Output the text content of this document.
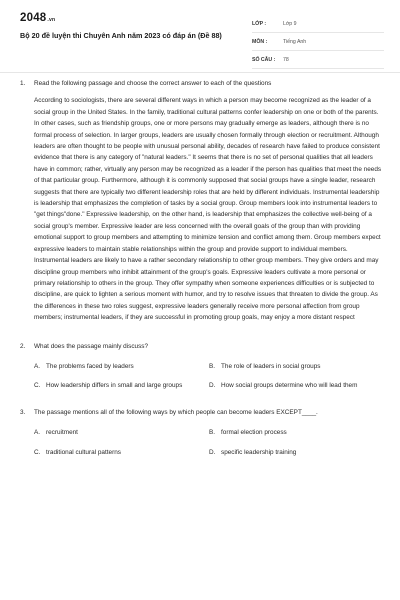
2048.vn
Bộ 20 đề luyện thi Chuyên Anh năm 2023 có đáp án (Đề 88)
LỚP :	Lớp 9
MÔN :	Tiếng Anh
SỐ CÂU :	78
1.	Read the following passage and choose the correct answer to each of the questions

According to sociologists, there are several different ways in which a person may become recognized as the leader of a social group in the United States. In the family, traditional cultural patterns confer leadership on one or both of the parents. In other cases, such as friendship groups, one or more persons may gradually emerge as leaders, although there is no formal process of selection. In larger groups, leaders are usually chosen formally through election or recruitment. Although leaders are often thought to be people with unusual personal ability, decades of research have failed to produce consistent evidence that there is any category of "natural leaders." It seems that there is no set of personal qualities that all leaders have in common; rather, virtually any person may be recognized as a leader if the person has qualities that meet the needs of that particular group. Furthermore, although it is commonly supposed that social groups have a single leader, research suggests that there are typically two different leadership roles that are held by different individuals. Instrumental leadership is leadership that emphasizes the completion of tasks by a social group. Group members look into instrumental leaders to "get things"done." Expressive leadership, on the other hand, is leadership that emphasizes the collective well-being of a social group's member. Expressive leader are less concerned with the overall goals of the group than with providing emotional support to group members and attempting to minimize tension and conflict among them. Group members expect expressive leaders to maintain stable relationships within the group and provide support to individual members. Instrumental leaders are likely to have a rather secondary relationship to other group members. They give orders and may discipline group members who inhibit attainment of the group's goals. Expressive leaders cultivate a more personal or primary relationship to others in the group. They offer sympathy when someone experiences difficulties or is subjected to discipline, are quick to lighten a serious moment with humor, and try to resolve issues that threaten to divide the group. As the differences in these two roles suggest, expressive leaders generally receive more personal affection from group members; instrumental leaders, if they are successful in promoting group goals, may enjoy a more distant respect

2.	What does the passage mainly discuss?
A. The problems faced by leaders	B. The role of leaders in social groups
C. How leadership differs in small and large groups	D. How social groups determine who will lead them
3.	The passage mentions all of the following ways by which people can become leaders EXCEPT____.
A. recruitment	B. formal election process
C. traditional cultural patterns	D. specific leadership training
